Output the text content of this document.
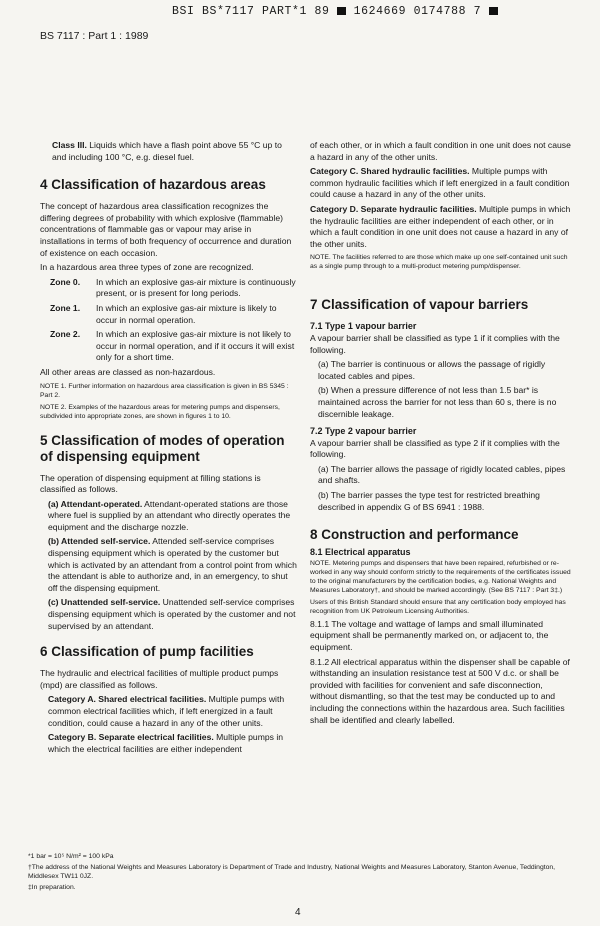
BSI BS*7117 PART*1 89 1624669 0174788 7
BS 7117 : Part 1 : 1989

Class III. Liquids which have a flash point above 55 °C up to and including 100 °C, e.g. diesel fuel.

4 Classification of hazardous areas

The concept of hazardous area classification recognizes the differing degrees of probability with which explosive (flammable) concentrations of flammable gas or vapour may arise in installations in terms of both frequency of occurrence and duration of existence on each occasion.

In a hazardous area three types of zone are recognized.

Zone 0.	In which an explosive gas-air mixture is continuously present, or is present for long periods.
Zone 1.	In which an explosive gas-air mixture is likely to occur in normal operation.
Zone 2.	In which an explosive gas-air mixture is not likely to occur in normal operation, and if it occurs it will exist only for a short time.

All other areas are classed as non-hazardous.

NOTE 1. Further information on hazardous area classification is given in BS 5345 : Part 2.

NOTE 2. Examples of the hazardous areas for metering pumps and dispensers, subdivided into appropriate zones, are shown in figures 1 to 10.

5 Classification of modes of operation of dispensing equipment

The operation of dispensing equipment at filling stations is classified as follows.

(a) Attendant-operated. Attendant-operated stations are those where fuel is supplied by an attendant who directly operates the equipment and the discharge nozzle.

(b) Attended self-service. Attended self-service comprises dispensing equipment which is operated by the customer but which is activated by an attendant from a control point from which the attendant is able to authorize and, in an emergency, to shut off the dispensing equipment.

(c) Unattended self-service. Unattended self-service comprises dispensing equipment which is operated by the customer and not supervised by an attendant.

6 Classification of pump facilities

The hydraulic and electrical facilities of multiple product pumps (mpd) are classified as follows.

Category A. Shared electrical facilities. Multiple pumps with common electrical facilities which, if left energized in a fault condition, could cause a hazard in any of the other units.

Category B. Separate electrical facilities. Multiple pumps in which the electrical facilities are either independent

of each other, or in which a fault condition in one unit does not cause a hazard in any of the other units.

Category C. Shared hydraulic facilities. Multiple pumps with common hydraulic facilities which if left energized in a fault condition could cause a hazard in any of the other units.

Category D. Separate hydraulic facilities. Multiple pumps in which the hydraulic facilities are either independent of each other, or in which a fault condition in one unit does not cause a hazard in any of the other units.

NOTE. The facilities referred to are those which make up one self-contained unit such as a single pump through to a multi-product metering pump/dispenser.

7 Classification of vapour barriers
7.1 Type 1 vapour barrier

A vapour barrier shall be classified as type 1 if it complies with the following.

(a) The barrier is continuous or allows the passage of rigidly located cables and pipes.

(b) When a pressure difference of not less than 1.5 bar* is maintained across the barrier for not less than 60 s, there is no discernible leakage.

7.2 Type 2 vapour barrier

A vapour barrier shall be classified as type 2 if it complies with the following.

(a) The barrier allows the passage of rigidly located cables, pipes and shafts.

(b) The barrier passes the type test for restricted breathing described in appendix G of BS 6941 : 1988.

8 Construction and performance
8.1 Electrical apparatus

NOTE. Metering pumps and dispensers that have been repaired, refurbished or re-worked in any way should conform strictly to the requirements of the certificates issued to the original manufacturers by the certification bodies, e.g. National Weights and Measures Laboratory†, and should be marked accordingly. (See BS 7117 : Part 3‡.)

Users of this British Standard should ensure that any certification body employed has recognition from UK Petroleum Licensing Authorities.

8.1.1 The voltage and wattage of lamps and small illuminated equipment shall be permanently marked on, or adjacent to, the equipment.

8.1.2 All electrical apparatus within the dispenser shall be capable of withstanding an insulation resistance test at 500 V d.c. or shall be provided with facilities for convenient and safe disconnection, without dismantling, so that the test may be conducted up to and including the connections within the hazardous area. Such facilities shall be identified and clearly labelled.

*1 bar = 10⁵ N/m² = 100 kPa
†The address of the National Weights and Measures Laboratory is Department of Trade and Industry, National Weights and Measures Laboratory, Stanton Avenue, Teddington, Middlesex TW11 0JZ.
‡In preparation.
4
